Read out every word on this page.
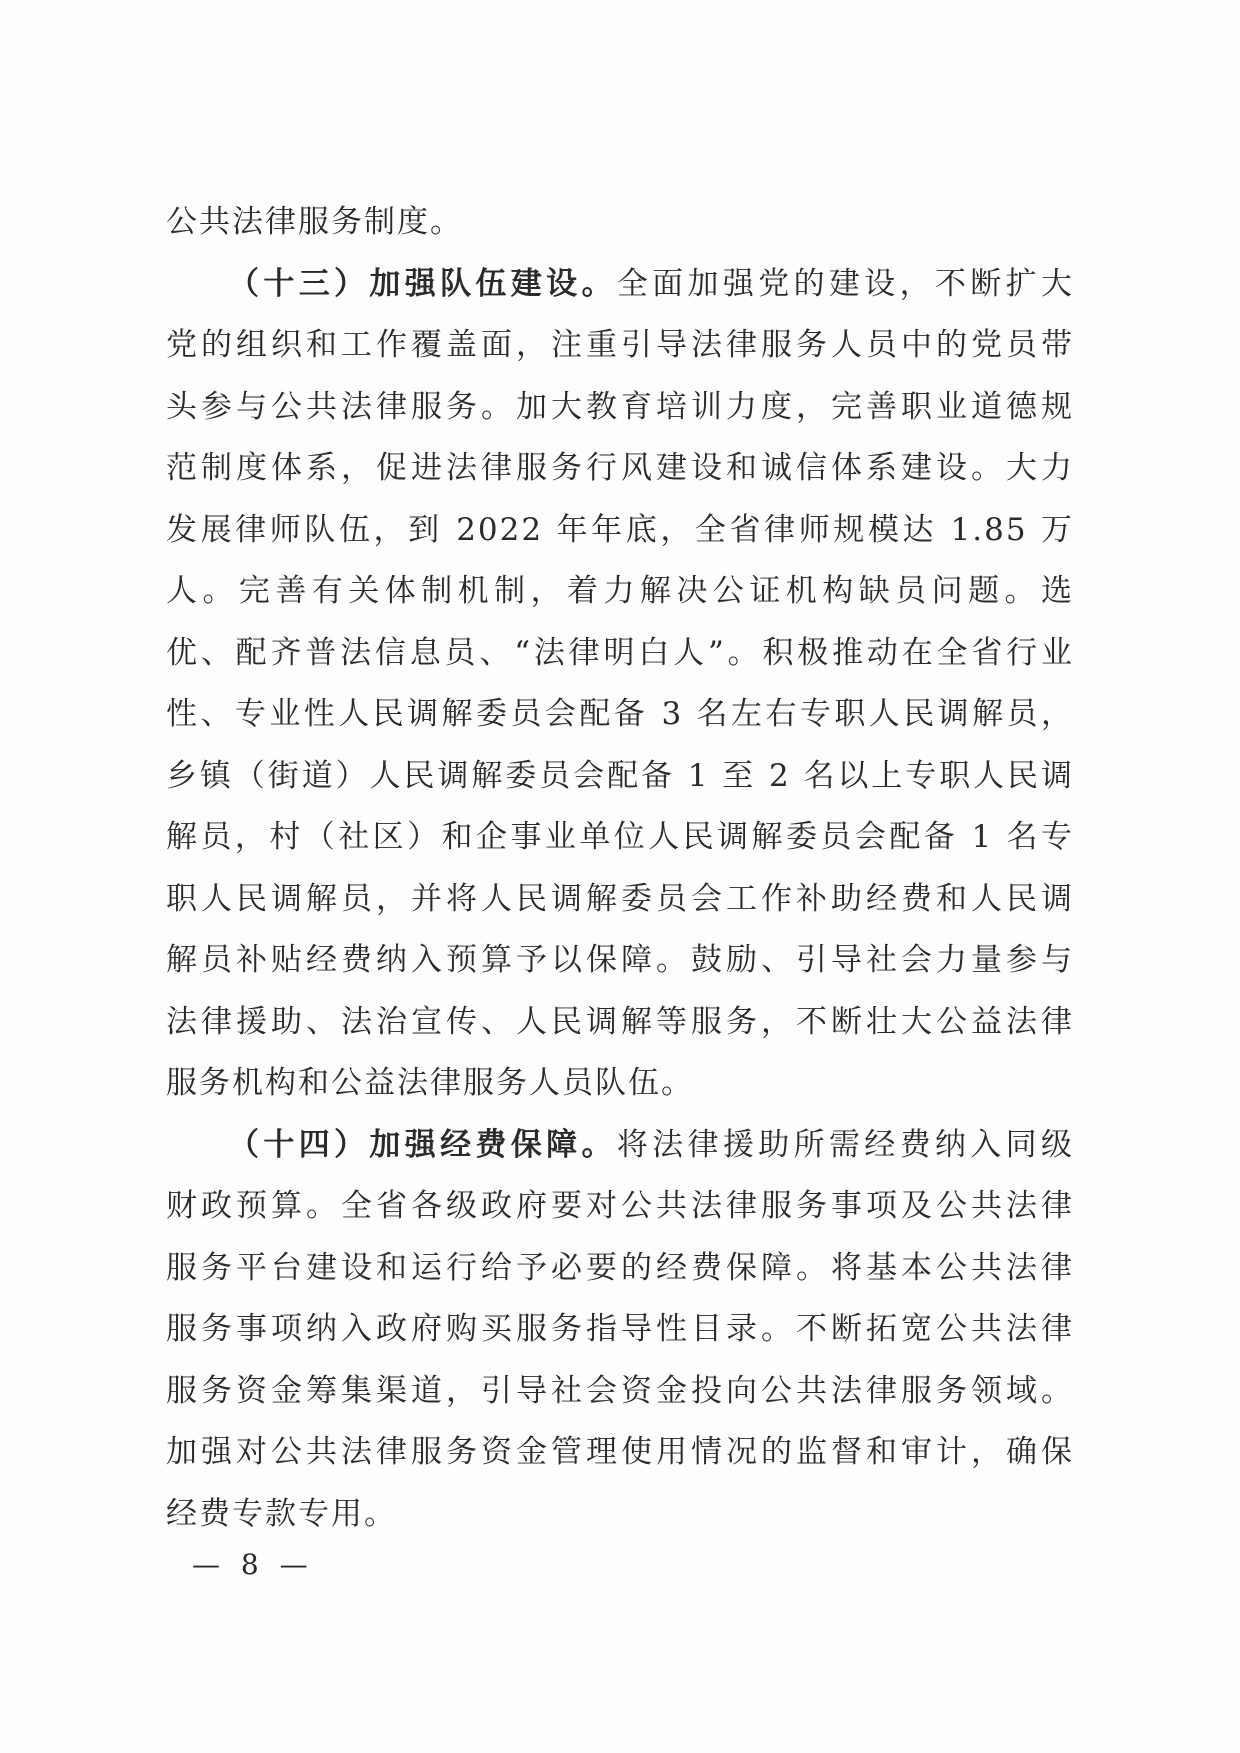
公共法律服务制度。
（十三）加强队伍建设。全面加强党的建设，不断扩大
党的组织和工作覆盖面，注重引导法律服务人员中的党员带
头参与公共法律服务。加大教育培训力度，完善职业道德规
范制度体系，促进法律服务行风建设和诚信体系建设。大力
发展律师队伍，到 2022 年年底，全省律师规模达 1.85 万
人。完善有关体制机制，着力解决公证机构缺员问题。选
优、配齐普法信息员、“法律明白人”。积极推动在全省行业
性、专业性人民调解委员会配备 3 名左右专职人民调解员，
乡镇（街道）人民调解委员会配备 1 至 2 名以上专职人民调
解员，村（社区）和企事业单位人民调解委员会配备 1 名专
职人民调解员，并将人民调解委员会工作补助经费和人民调
解员补贴经费纳入预算予以保障。鼓励、引导社会力量参与
法律援助、法治宣传、人民调解等服务，不断壮大公益法律
服务机构和公益法律服务人员队伍。
（十四）加强经费保障。将法律援助所需经费纳入同级
财政预算。全省各级政府要对公共法律服务事项及公共法律
服务平台建设和运行给予必要的经费保障。将基本公共法律
服务事项纳入政府购买服务指导性目录。不断拓宽公共法律
服务资金筹集渠道，引导社会资金投向公共法律服务领域。
加强对公共法律服务资金管理使用情况的监督和审计，确保
经费专款专用。
— 8 —
